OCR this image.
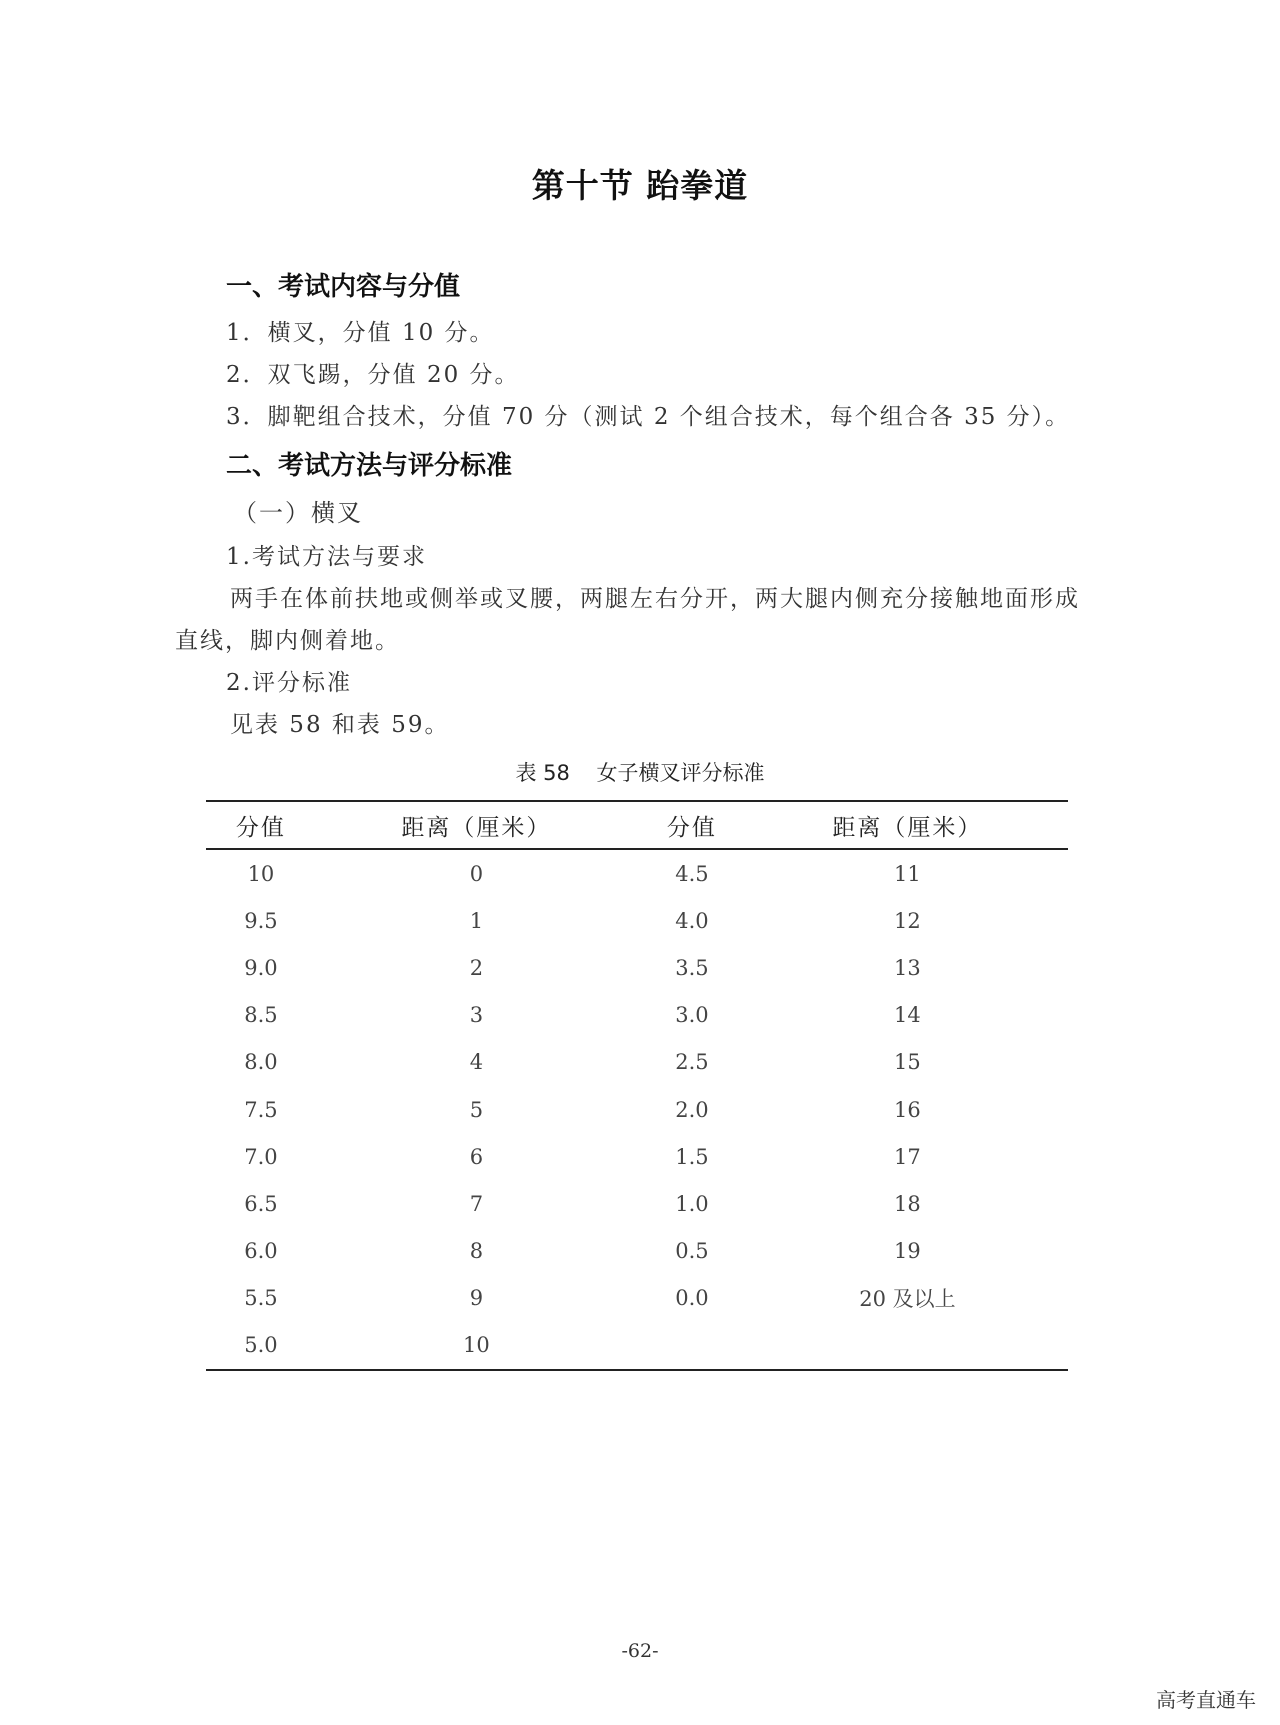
第十节 跆拳道
一、考试内容与分值
1．横叉，分值 10 分。
2．双飞踢，分值 20 分。
3．脚靶组合技术，分值 70 分（测试 2 个组合技术，每个组合各 35 分）。
二、考试方法与评分标准
（一）横叉
1.考试方法与要求
两手在体前扶地或侧举或叉腰，两腿左右分开，两大腿内侧充分接触地面形成
直线，脚内侧着地。
2.评分标准
见表 58 和表 59。
表 58    女子横叉评分标准
分值	距离（厘米）	分值	距离（厘米）
10	0	4.5	11
9.5	1	4.0	12
9.0	2	3.5	13
8.5	3	3.0	14
8.0	4	2.5	15
7.5	5	2.0	16
7.0	6	1.5	17
6.5	7	1.0	18
6.0	8	0.5	19
5.5	9	0.0	20 及以上
5.0	10		
-62-
高考直通车
